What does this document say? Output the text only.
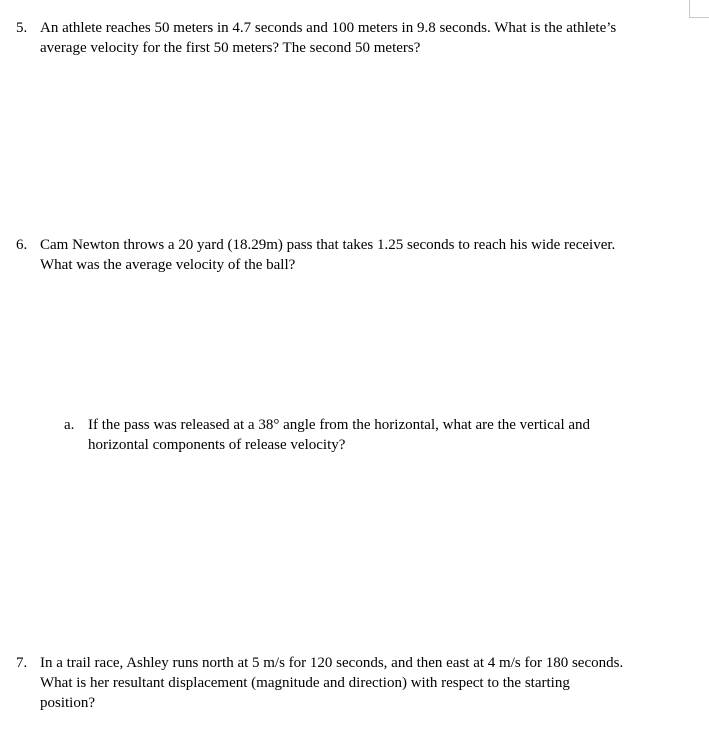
5. An athlete reaches 50 meters in 4.7 seconds and 100 meters in 9.8 seconds. What is the athlete’s
average velocity for the first 50 meters? The second 50 meters?
6. Cam Newton throws a 20 yard (18.29m) pass that takes 1.25 seconds to reach his wide receiver.
What was the average velocity of the ball?
a. If the pass was released at a 38° angle from the horizontal, what are the vertical and
horizontal components of release velocity?
7. In a trail race, Ashley runs north at 5 m/s for 120 seconds, and then east at 4 m/s for 180 seconds.
What is her resultant displacement (magnitude and direction) with respect to the starting
position?
